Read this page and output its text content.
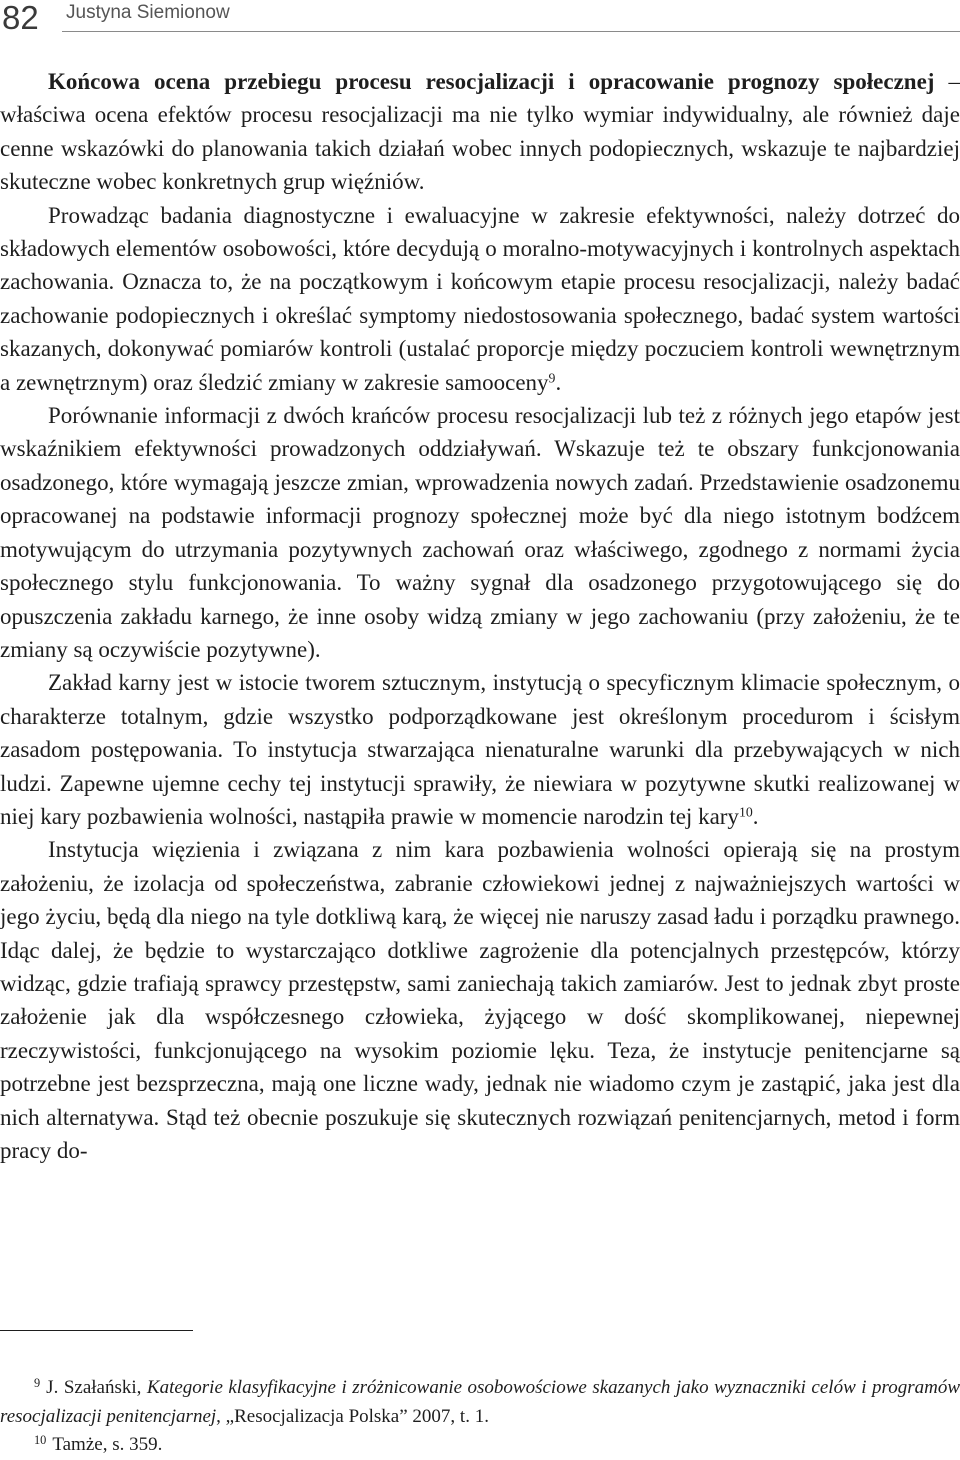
82 Justyna Siemionow

Końcowa ocena przebiegu procesu resocjalizacji i opracowanie prognozy społecznej – właściwa ocena efektów procesu resocjalizacji ma nie tylko wymiar indywidualny, ale również daje cenne wskazówki do planowania takich działań wobec innych podopiecznych, wskazuje te najbardziej skuteczne wobec konkretnych grup więźniów.

Prowadząc badania diagnostyczne i ewaluacyjne w zakresie efektywności, należy dotrzeć do składowych elementów osobowości, które decydują o moralno-motywacyjnych i kontrolnych aspektach zachowania. Oznacza to, że na początkowym i końcowym etapie procesu resocjalizacji, należy badać zachowanie podopiecznych i określać symptomy niedostosowania społecznego, badać system wartości skazanych, dokonywać pomiarów kontroli (ustalać proporcje między poczuciem kontroli wewnętrznym a zewnętrznym) oraz śledzić zmiany w zakresie samooceny$^9$.

Porównanie informacji z dwóch krańców procesu resocjalizacji lub też z różnych jego etapów jest wskaźnikiem efektywności prowadzonych oddziaływań. Wskazuje też te obszary funkcjonowania osadzonego, które wymagają jeszcze zmian, wprowadzenia nowych zadań. Przedstawienie osadzonemu opracowanej na podstawie informacji prognozy społecznej może być dla niego istotnym bodźcem motywującym do utrzymania pozytywnych zachowań oraz właściwego, zgodnego z normami życia społecznego stylu funkcjonowania. To ważny sygnał dla osadzonego przygotowującego się do opuszczenia zakładu karnego, że inne osoby widzą zmiany w jego zachowaniu (przy założeniu, że te zmiany są oczywiście pozytywne).

Zakład karny jest w istocie tworem sztucznym, instytucją o specyficznym klimacie społecznym, o charakterze totalnym, gdzie wszystko podporządkowane jest określonym procedurom i ścisłym zasadom postępowania. To instytucja stwarzająca nienaturalne warunki dla przebywających w nich ludzi. Zapewne ujemne cechy tej instytucji sprawiły, że niewiara w pozytywne skutki realizowanej w niej kary pozbawienia wolności, nastąpiła prawie w momencie narodzin tej kary$^{10}$.

Instytucja więzienia i związana z nim kara pozbawienia wolności opierają się na prostym założeniu, że izolacja od społeczeństwa, zabranie człowiekowi jednej z najważniejszych wartości w jego życiu, będą dla niego na tyle dotkliwą karą, że więcej nie naruszy zasad ładu i porządku prawnego. Idąc dalej, że będzie to wystarczająco dotkliwe zagrożenie dla potencjalnych przestępców, którzy widząc, gdzie trafiają sprawcy przestępstw, sami zaniechają takich zamiarów. Jest to jednak zbyt proste założenie jak dla współczesnego człowieka, żyjącego w dość skomplikowanej, niepewnej rzeczywistości, funkcjonującego na wysokim poziomie lęku. Teza, że instytucje penitencjarne są potrzebne jest bezsprzeczna, mają one liczne wady, jednak nie wiadomo czym je zastąpić, jaka jest dla nich alternatywa. Stąd też obecnie poszukuje się skutecznych rozwiązań penitencjarnych, metod i form pracy do-

$^9$ J. Szałański, Kategorie klasyfikacyjne i zróżnicowanie osobowościowe skazanych jako wyznaczniki celów i programów resocjalizacji penitencjarnej, „Resocjalizacja Polska” 2007, t. 1.

$^{10}$ Tamże, s. 359.
